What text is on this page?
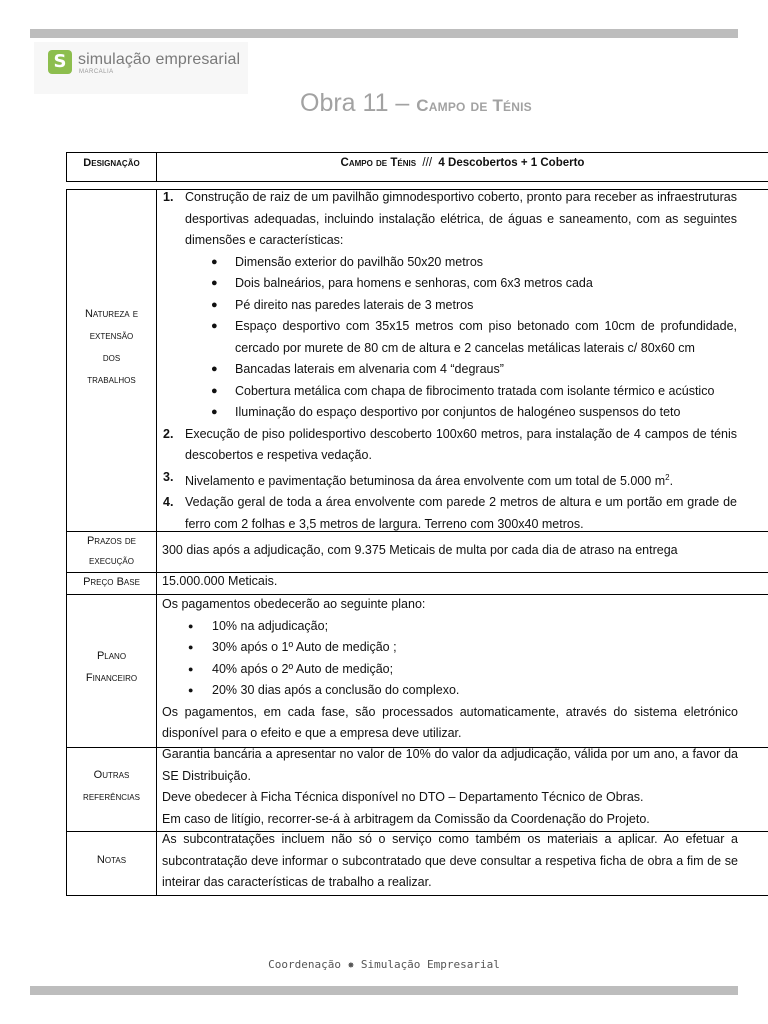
S simulação empresarial
MARCALIA
Obra 11 – Campo de Ténis
Designação	Campo de Ténis  ///  4 Descobertos + 1 Coberto
Natureza e
extensão
dos
trabalhos
1. Construção de raiz de um pavilhão gimnodesportivo coberto, pronto para receber as infraestruturas desportivas adequadas, incluindo instalação elétrica, de águas e saneamento, com as seguintes dimensões e características:
● Dimensão exterior do pavilhão 50x20 metros
● Dois balneários, para homens e senhoras, com 6x3 metros cada
● Pé direito nas paredes laterais de 3 metros
● Espaço desportivo com 35x15 metros com piso betonado com 10cm de profundidade, cercado por murete de 80 cm de altura e 2 cancelas metálicas laterais c/ 80x60 cm
● Bancadas laterais em alvenaria com 4 “degraus”
● Cobertura metálica com chapa de fibrocimento tratada com isolante térmico e acústico
● Iluminação do espaço desportivo por conjuntos de halogéneo suspensos do teto
2. Execução de piso polidesportivo descoberto 100x60 metros, para instalação de 4 campos de ténis descobertos e respetiva vedação.
3. Nivelamento e pavimentação betuminosa da área envolvente com um total de 5.000 $m^2$.
4. Vedação geral de toda a área envolvente com parede 2 metros de altura e um portão em grade de ferro com 2 folhas e 3,5 metros de largura. Terreno com 300x40 metros.
Prazos de
execução
300 dias após a adjudicação, com 9.375 Meticais de multa por cada dia de atraso na entrega
Preço Base	15.000.000 Meticais.
Plano
Financeiro
Os pagamentos obedecerão ao seguinte plano:
● 10% na adjudicação;
● 30% após o 1º Auto de medição ;
● 40% após o 2º Auto de medição;
● 20% 30 dias após a conclusão do complexo.
Os pagamentos, em cada fase, são processados automaticamente, através do sistema eletrónico disponível para o efeito e que a empresa deve utilizar.
Outras
referências
Garantia bancária a apresentar no valor de 10% do valor da adjudicação, válida por um ano, a favor da SE Distribuição.
Deve obedecer à Ficha Técnica disponível no DTO – Departamento Técnico de Obras.
Em caso de litígio, recorrer-se-á à arbitragem da Comissão da Coordenação do Projeto.
Notas
As subcontratações incluem não só o serviço como também os materiais a aplicar. Ao efetuar a subcontratação deve informar o subcontratado que deve consultar a respetiva ficha de obra a fim de se inteirar das características de trabalho a realizar.
Coordenação ✸ Simulação Empresarial
